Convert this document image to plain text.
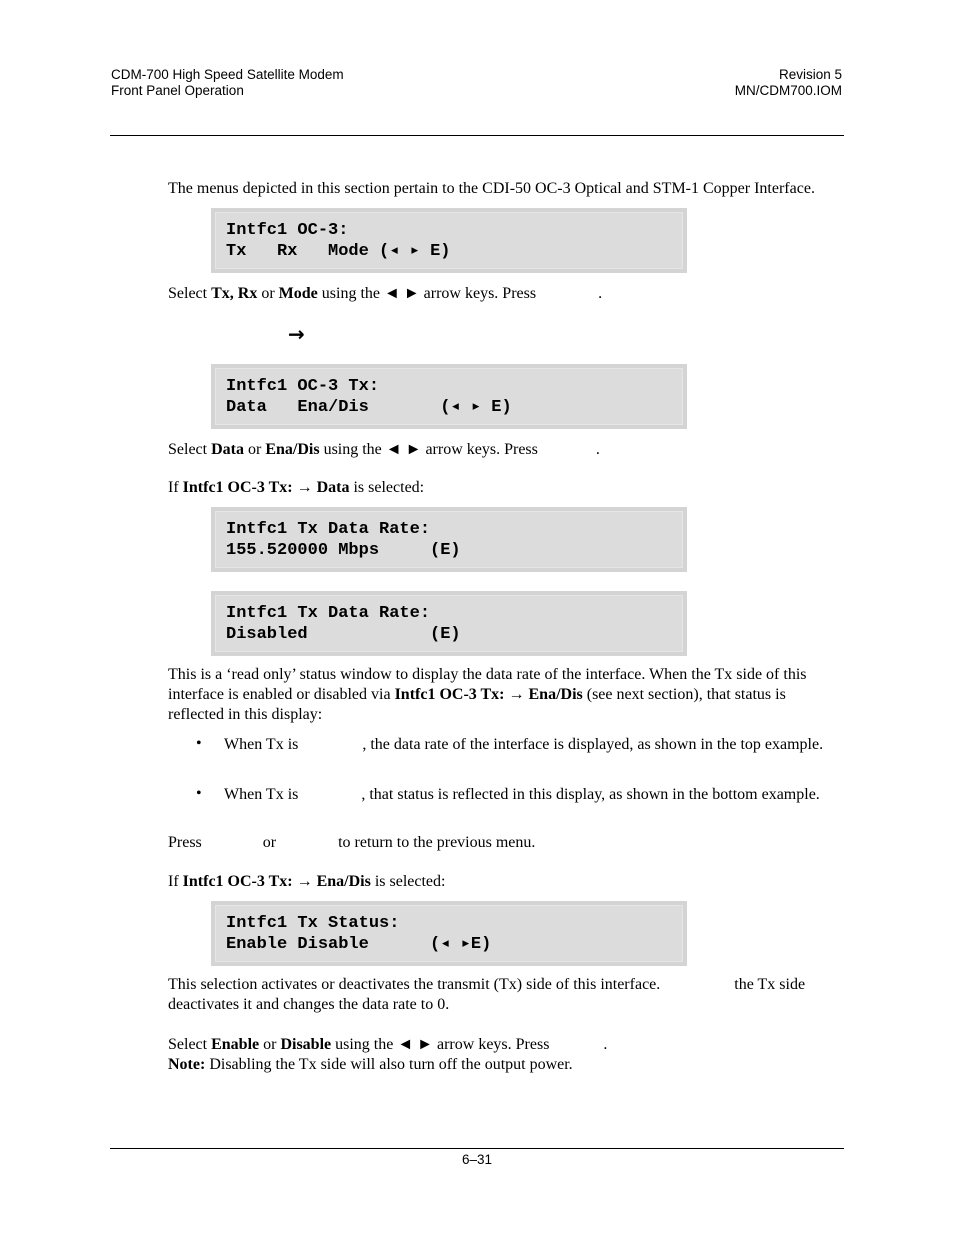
CDM-700 High Speed Satellite Modem
Front Panel Operation
Revision 5
MN/CDM700.IOM

The menus depicted in this section pertain to the CDI-50 OC-3 Optical and STM-1 Copper Interface.

Intfc1 OC-3:
Tx   Rx   Mode (◂ ▸ E)

Select Tx, Rx or Mode using the ◄ ► arrow keys. Press	.

→
Intfc1 OC-3 Tx:
Data   Ena/Dis       (◂ ▸ E)

Select Data or Ena/Dis using the ◄ ► arrow keys. Press	.

If Intfc1 OC-3 Tx: → Data is selected:

Intfc1 Tx Data Rate:
155.520000 Mbps     (E)
Intfc1 Tx Data Rate:
Disabled            (E)

This is a ‘read only’ status window to display the data rate of the interface. When the Tx side of this interface is enabled or disabled via Intfc1 OC-3 Tx: → Ena/Dis (see next section), that status is reflected in this display:

• When Tx is	, the data rate of the interface is displayed, as shown in the top example.

• When Tx is	, that status is reflected in this display, as shown in the bottom example.

Press	or	to return to the previous menu.

If Intfc1 OC-3 Tx: → Ena/Dis is selected:

Intfc1 Tx Status:
Enable Disable      (◂ ▸E)

This selection activates or deactivates the transmit (Tx) side of this interface.	the Tx side deactivates it and changes the data rate to 0.

Select Enable or Disable using the ◄ ► arrow keys. Press	.

Note: Disabling the Tx side will also turn off the output power.

6–31
